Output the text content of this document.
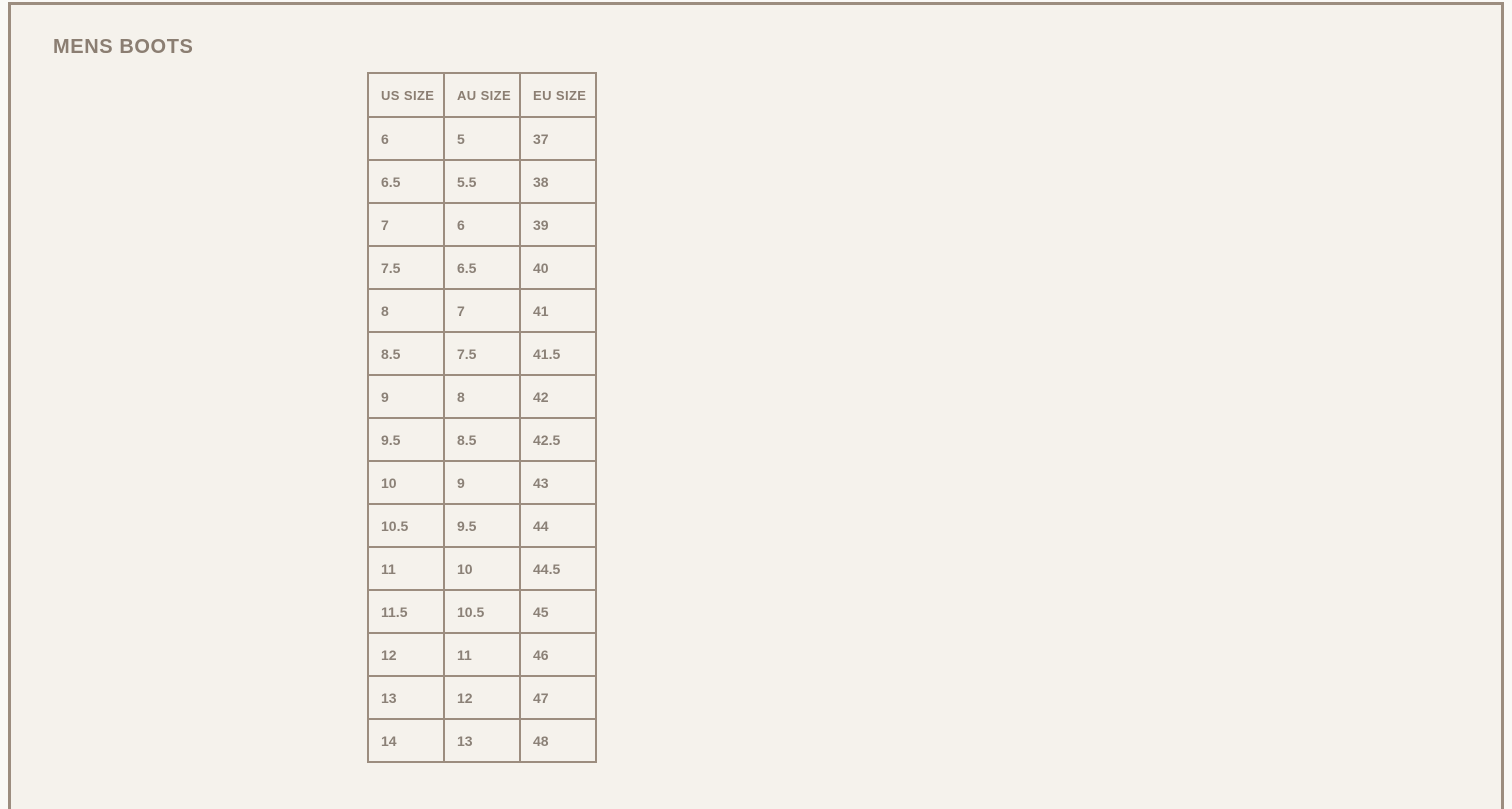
MENS BOOTS
US SIZE	AU SIZE	EU SIZE
6	5	37
6.5	5.5	38
7	6	39
7.5	6.5	40
8	7	41
8.5	7.5	41.5
9	8	42
9.5	8.5	42.5
10	9	43
10.5	9.5	44
11	10	44.5
11.5	10.5	45
12	11	46
13	12	47
14	13	48
